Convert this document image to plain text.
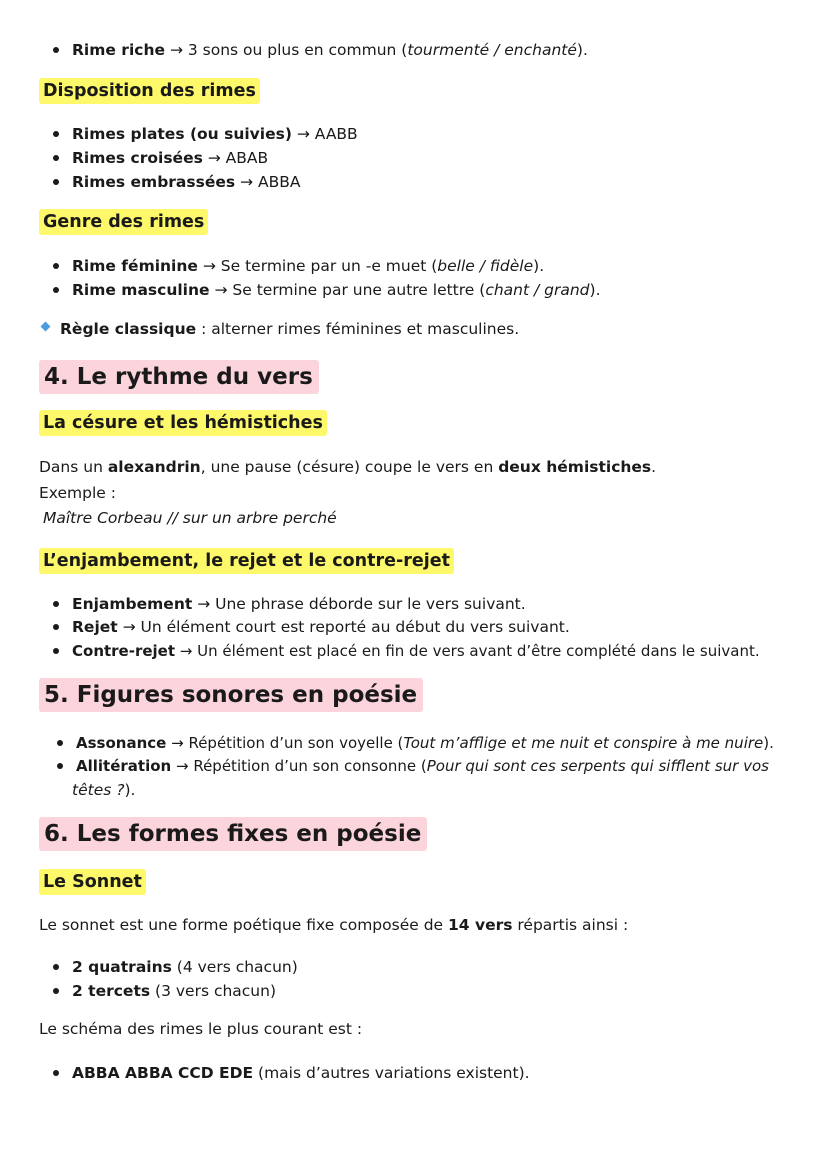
Rime riche → 3 sons ou plus en commun (tourmenté / enchanté).
Disposition des rimes
Rimes plates (ou suivies) → AABB
Rimes croisées → ABAB
Rimes embrassées → ABBA
Genre des rimes
Rime féminine → Se termine par un -e muet (belle / fidèle).
Rime masculine → Se termine par une autre lettre (chant / grand).
Règle classique : alterner rimes féminines et masculines.
4. Le rythme du vers
La césure et les hémistiches
Dans un alexandrin, une pause (césure) coupe le vers en deux hémistiches.
Exemple :
Maître Corbeau // sur un arbre perché
L’enjambement, le rejet et le contre-rejet
Enjambement → Une phrase déborde sur le vers suivant.
Rejet → Un élément court est reporté au début du vers suivant.
Contre-rejet → Un élément est placé en fin de vers avant d’être complété dans le suivant.
5. Figures sonores en poésie
Assonance → Répétition d’un son voyelle (Tout m’afflige et me nuit et conspire à me nuire).
Allitération → Répétition d’un son consonne (Pour qui sont ces serpents qui sifflent sur vos
têtes ?).
6. Les formes fixes en poésie
Le Sonnet
Le sonnet est une forme poétique fixe composée de 14 vers répartis ainsi :
2 quatrains (4 vers chacun)
2 tercets (3 vers chacun)
Le schéma des rimes le plus courant est :
ABBA ABBA CCD EDE (mais d’autres variations existent).
